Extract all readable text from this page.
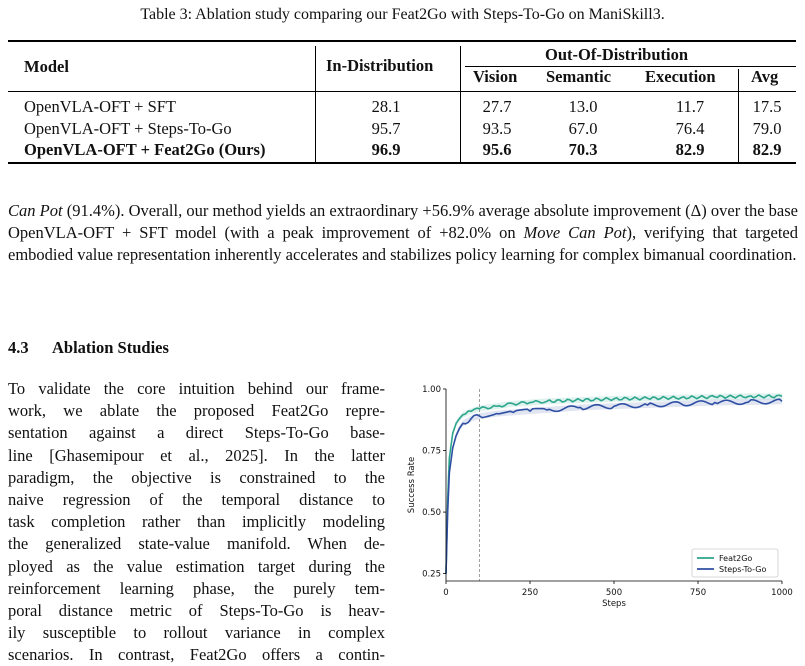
Table 3: Ablation study comparing our Feat2Go with Steps-To-Go on ManiSkill3.
Model	In-Distribution
Out-Of-Distribution
Vision Semantic Execution Avg
OpenVLA-OFT + SFT	28.1	27.7	13.0	11.7	17.5
OpenVLA-OFT + Steps-To-Go	95.7	93.5	67.0	76.4	79.0
OpenVLA-OFT + Feat2Go (Ours)	96.9	95.6	70.3	82.9	82.9
Can Pot (91.4%). Overall, our method yields an extraordinary +56.9% average absolute improvement (Δ) over the base OpenVLA-OFT + SFT model (with a peak improvement of +82.0% on Move Can Pot), verifying that targeted embodied value representation inherently accelerates and stabilizes policy learning for complex bimanual coordination.
4.3 Ablation Studies
To validate the core intuition behind our frame-
work, we ablate the proposed Feat2Go repre-
sentation against a direct Steps-To-Go base-
line [Ghasemipour et al., 2025]. In the latter
paradigm, the objective is constrained to the
naive regression of the temporal distance to
task completion rather than implicitly modeling
the generalized state-value manifold. When de-
ployed as the value estimation target during the
reinforcement learning phase, the purely tem-
poral distance metric of Steps-To-Go is heav-
ily susceptible to rollout variance in complex
scenarios. In contrast, Feat2Go offers a contin-
0	250	500	750	1000
0.25
0.50
0.75
1.00
Steps
Success Rate
Feat2Go
Steps-To-Go
